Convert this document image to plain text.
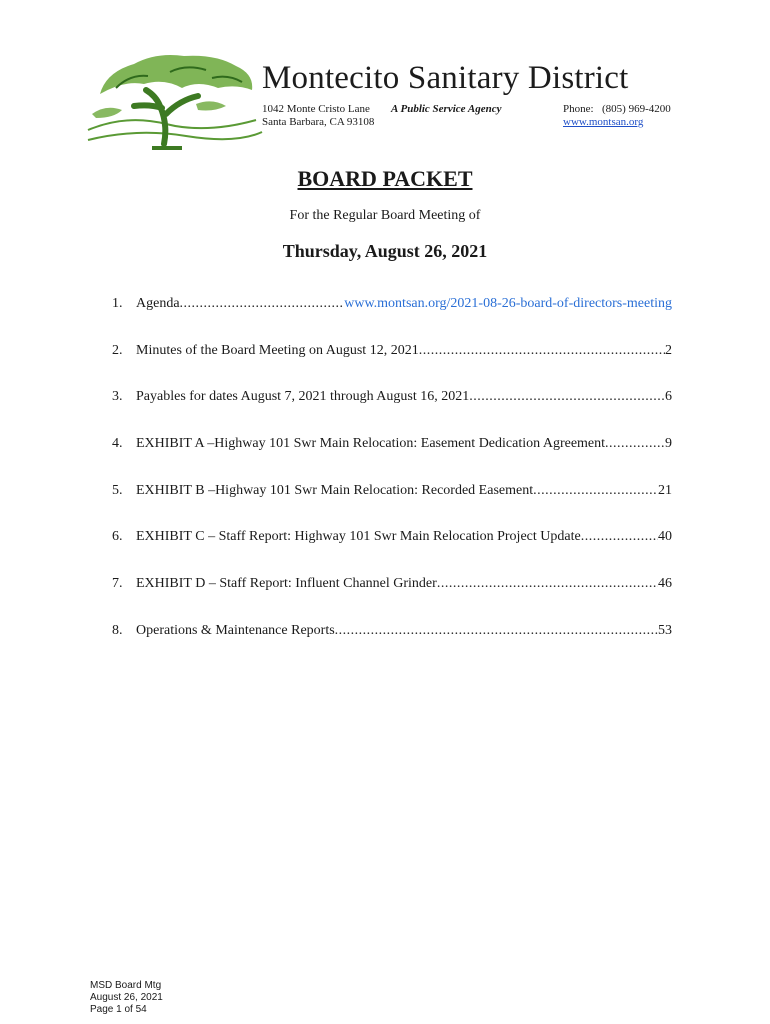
Montecito Sanitary District
1042 Monte Cristo Lane
Santa Barbara, CA 93108
A Public Service Agency	Phone: (805) 969-4200
www.montsan.org
BOARD PACKET
For the Regular Board Meeting of
Thursday, August 26, 2021
1. Agenda .....	www.montsan.org/2021-08-26-board-of-directors-meeting
2. Minutes of the Board Meeting on August 12, 2021 .....	2
3. Payables for dates August 7, 2021 through August 16, 2021 .....	6
4. EXHIBIT A –Highway 101 Swr Main Relocation: Easement Dedication Agreement .....	9
5. EXHIBIT B –Highway 101 Swr Main Relocation: Recorded Easement .....	21
6. EXHIBIT C – Staff Report: Highway 101 Swr Main Relocation Project Update .....	40
7. EXHIBIT D – Staff Report: Influent Channel Grinder .....	46
8. Operations & Maintenance Reports .....	53
MSD Board Mtg
August 26, 2021
Page 1 of 54
